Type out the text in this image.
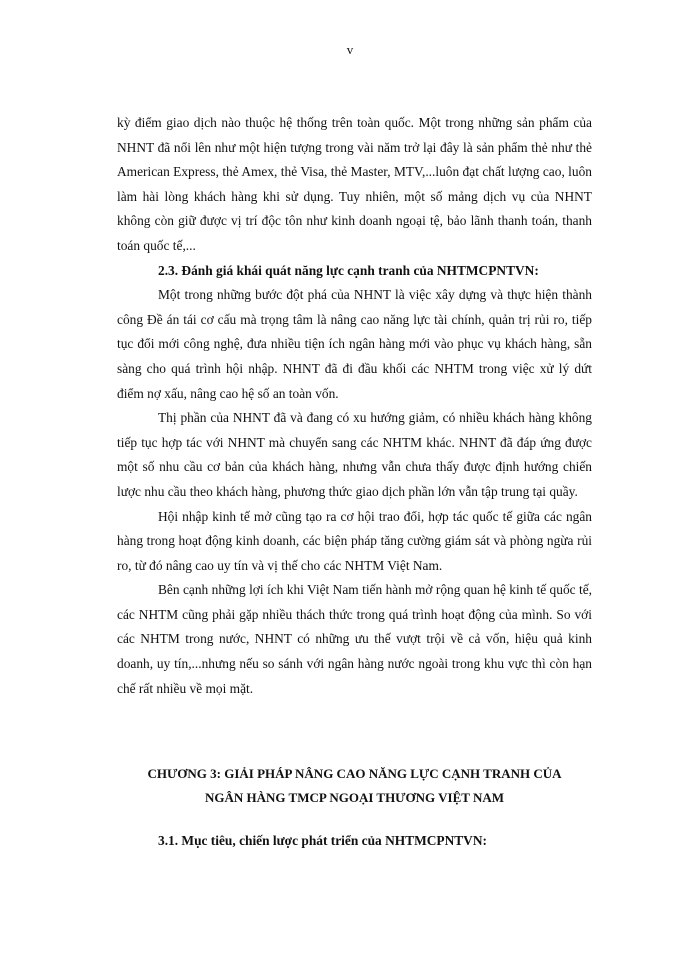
v

kỳ điểm giao dịch nào thuộc hệ thống trên toàn quốc. Một trong những sản phẩm của NHNT đã nổi lên như một hiện tượng trong vài năm trở lại đây là sản phẩm thẻ như thẻ American Express, thẻ Amex, thẻ Visa, thẻ Master, MTV,...luôn đạt chất lượng cao, luôn làm hài lòng khách hàng khi sử dụng. Tuy nhiên, một số mảng dịch vụ của NHNT không còn giữ được vị trí độc tôn như kinh doanh ngoại tệ, bảo lãnh thanh toán, thanh toán quốc tế,...

2.3. Đánh giá khái quát năng lực cạnh tranh của NHTMCPNTVN:

Một trong những bước đột phá của NHNT là việc xây dựng và thực hiện thành công Đề án tái cơ cấu mà trọng tâm là nâng cao năng lực tài chính, quản trị rủi ro, tiếp tục đổi mới công nghệ, đưa nhiều tiện ích ngân hàng mới vào phục vụ khách hàng, sẵn sàng cho quá trình hội nhập. NHNT đã đi đầu khối các NHTM trong việc xử lý dứt điểm nợ xấu, nâng cao hệ số an toàn vốn.

Thị phần của NHNT đã và đang có xu hướng giảm, có nhiều khách hàng không tiếp tục hợp tác với NHNT mà chuyển sang các NHTM khác. NHNT đã đáp ứng được một số nhu cầu cơ bản của khách hàng, nhưng vẫn chưa thấy được định hướng chiến lược nhu cầu theo khách hàng, phương thức giao dịch phần lớn vẫn tập trung tại quầy.

Hội nhập kinh tế mở cũng tạo ra cơ hội trao đổi, hợp tác quốc tế giữa các ngân hàng trong hoạt động kinh doanh, các biện pháp tăng cường giám sát và phòng ngừa rủi ro, từ đó nâng cao uy tín và vị thế cho các NHTM Việt Nam.

Bên cạnh những lợi ích khi Việt Nam tiến hành mở rộng quan hệ kinh tế quốc tế, các NHTM cũng phải gặp nhiều thách thức trong quá trình hoạt động của mình. So với các NHTM trong nước, NHNT có những ưu thế vượt trội về cả vốn, hiệu quả kinh doanh, uy tín,...nhưng nếu so sánh với ngân hàng nước ngoài trong khu vực thì còn hạn chế rất nhiều về mọi mặt.

CHƯƠNG 3: GIẢI PHÁP NÂNG CAO NĂNG LỰC CẠNH TRANH CỦA
NGÂN HÀNG TMCP NGOẠI THƯƠNG VIỆT NAM
3.1. Mục tiêu, chiến lược phát triển của NHTMCPNTVN:
